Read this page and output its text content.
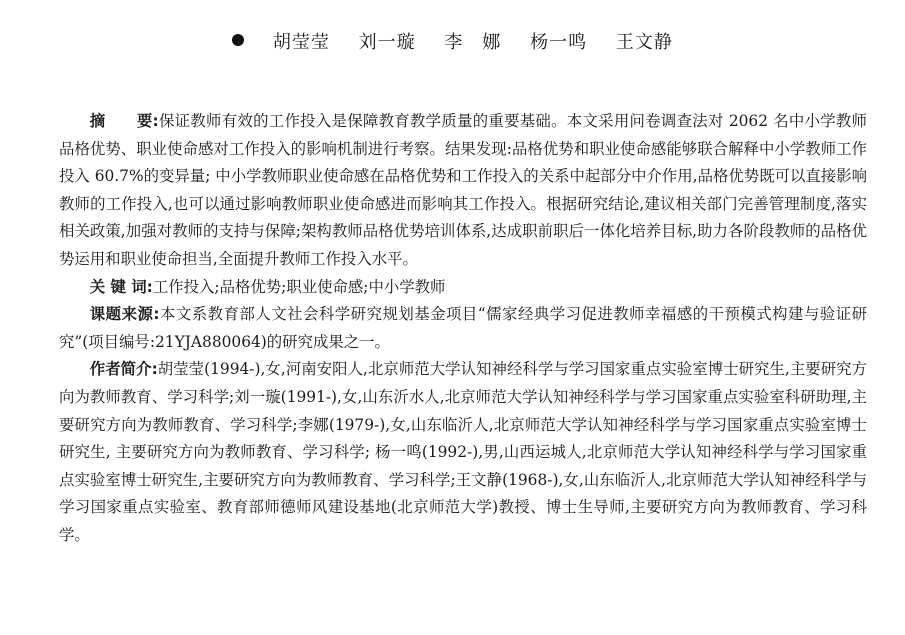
胡莹莹 刘一璇 李　娜 杨一鸣 王文静

摘　　要:保证教师有效的工作投入是保障教育教学质量的重要基础。本文采用问卷调查法对 2062 名中小学教师品格优势、职业使命感对工作投入的影响机制进行考察。结果发现:品格优势和职业使命感能够联合解释中小学教师工作投入 60.7%的变异量; 中小学教师职业使命感在品格优势和工作投入的关系中起部分中介作用,品格优势既可以直接影响教师的工作投入,也可以通过影响教师职业使命感进而影响其工作投入。根据研究结论,建议相关部门完善管理制度,落实相关政策,加强对教师的支持与保障;架构教师品格优势培训体系,达成职前职后一体化培养目标,助力各阶段教师的品格优势运用和职业使命担当,全面提升教师工作投入水平。

关 键 词:工作投入;品格优势;职业使命感;中小学教师

课题来源:本文系教育部人文社会科学研究规划基金项目“儒家经典学习促进教师幸福感的干预模式构建与验证研究”(项目编号:21YJA880064)的研究成果之一。

作者简介:胡莹莹(1994-),女,河南安阳人,北京师范大学认知神经科学与学习国家重点实验室博士研究生,主要研究方向为教师教育、学习科学;刘一璇(1991-),女,山东沂水人,北京师范大学认知神经科学与学习国家重点实验室科研助理,主要研究方向为教师教育、学习科学;李娜(1979-),女,山东临沂人,北京师范大学认知神经科学与学习国家重点实验室博士研究生, 主要研究方向为教师教育、学习科学; 杨一鸣(1992-),男,山西运城人,北京师范大学认知神经科学与学习国家重点实验室博士研究生,主要研究方向为教师教育、学习科学;王文静(1968-),女,山东临沂人,北京师范大学认知神经科学与学习国家重点实验室、教育部师德师风建设基地(北京师范大学)教授、博士生导师,主要研究方向为教师教育、学习科学。
